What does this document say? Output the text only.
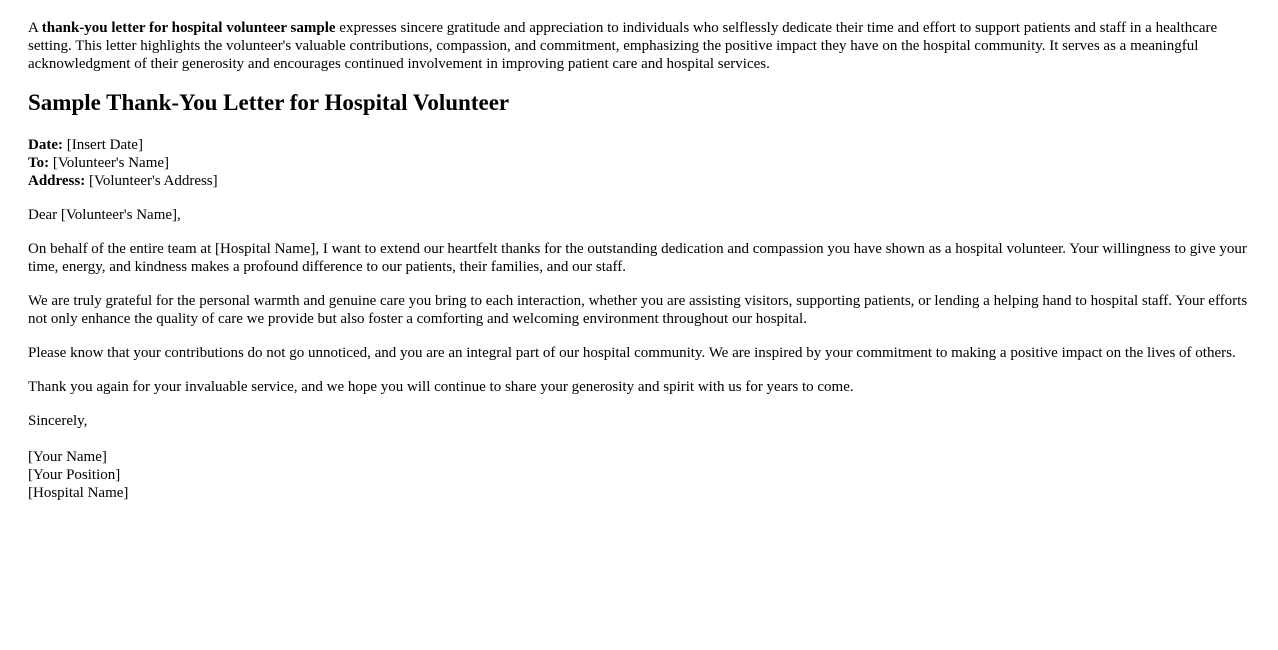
A thank-you letter for hospital volunteer sample expresses sincere gratitude and appreciation to individuals who selflessly dedicate their time and effort to support patients and staff in a healthcare setting. This letter highlights the volunteer's valuable contributions, compassion, and commitment, emphasizing the positive impact they have on the hospital community. It serves as a meaningful acknowledgment of their generosity and encourages continued involvement in improving patient care and hospital services.

Sample Thank-You Letter for Hospital Volunteer
Date: [Insert Date]
To: [Volunteer's Name]
Address: [Volunteer's Address]

Dear [Volunteer's Name],

On behalf of the entire team at [Hospital Name], I want to extend our heartfelt thanks for the outstanding dedication and compassion you have shown as a hospital volunteer. Your willingness to give your time, energy, and kindness makes a profound difference to our patients, their families, and our staff.

We are truly grateful for the personal warmth and genuine care you bring to each interaction, whether you are assisting visitors, supporting patients, or lending a helping hand to hospital staff. Your efforts not only enhance the quality of care we provide but also foster a comforting and welcoming environment throughout our hospital.

Please know that your contributions do not go unnoticed, and you are an integral part of our hospital community. We are inspired by your commitment to making a positive impact on the lives of others.

Thank you again for your invaluable service, and we hope you will continue to share your generosity and spirit with us for years to come.

Sincerely,

[Your Name]
[Your Position]
[Hospital Name]
